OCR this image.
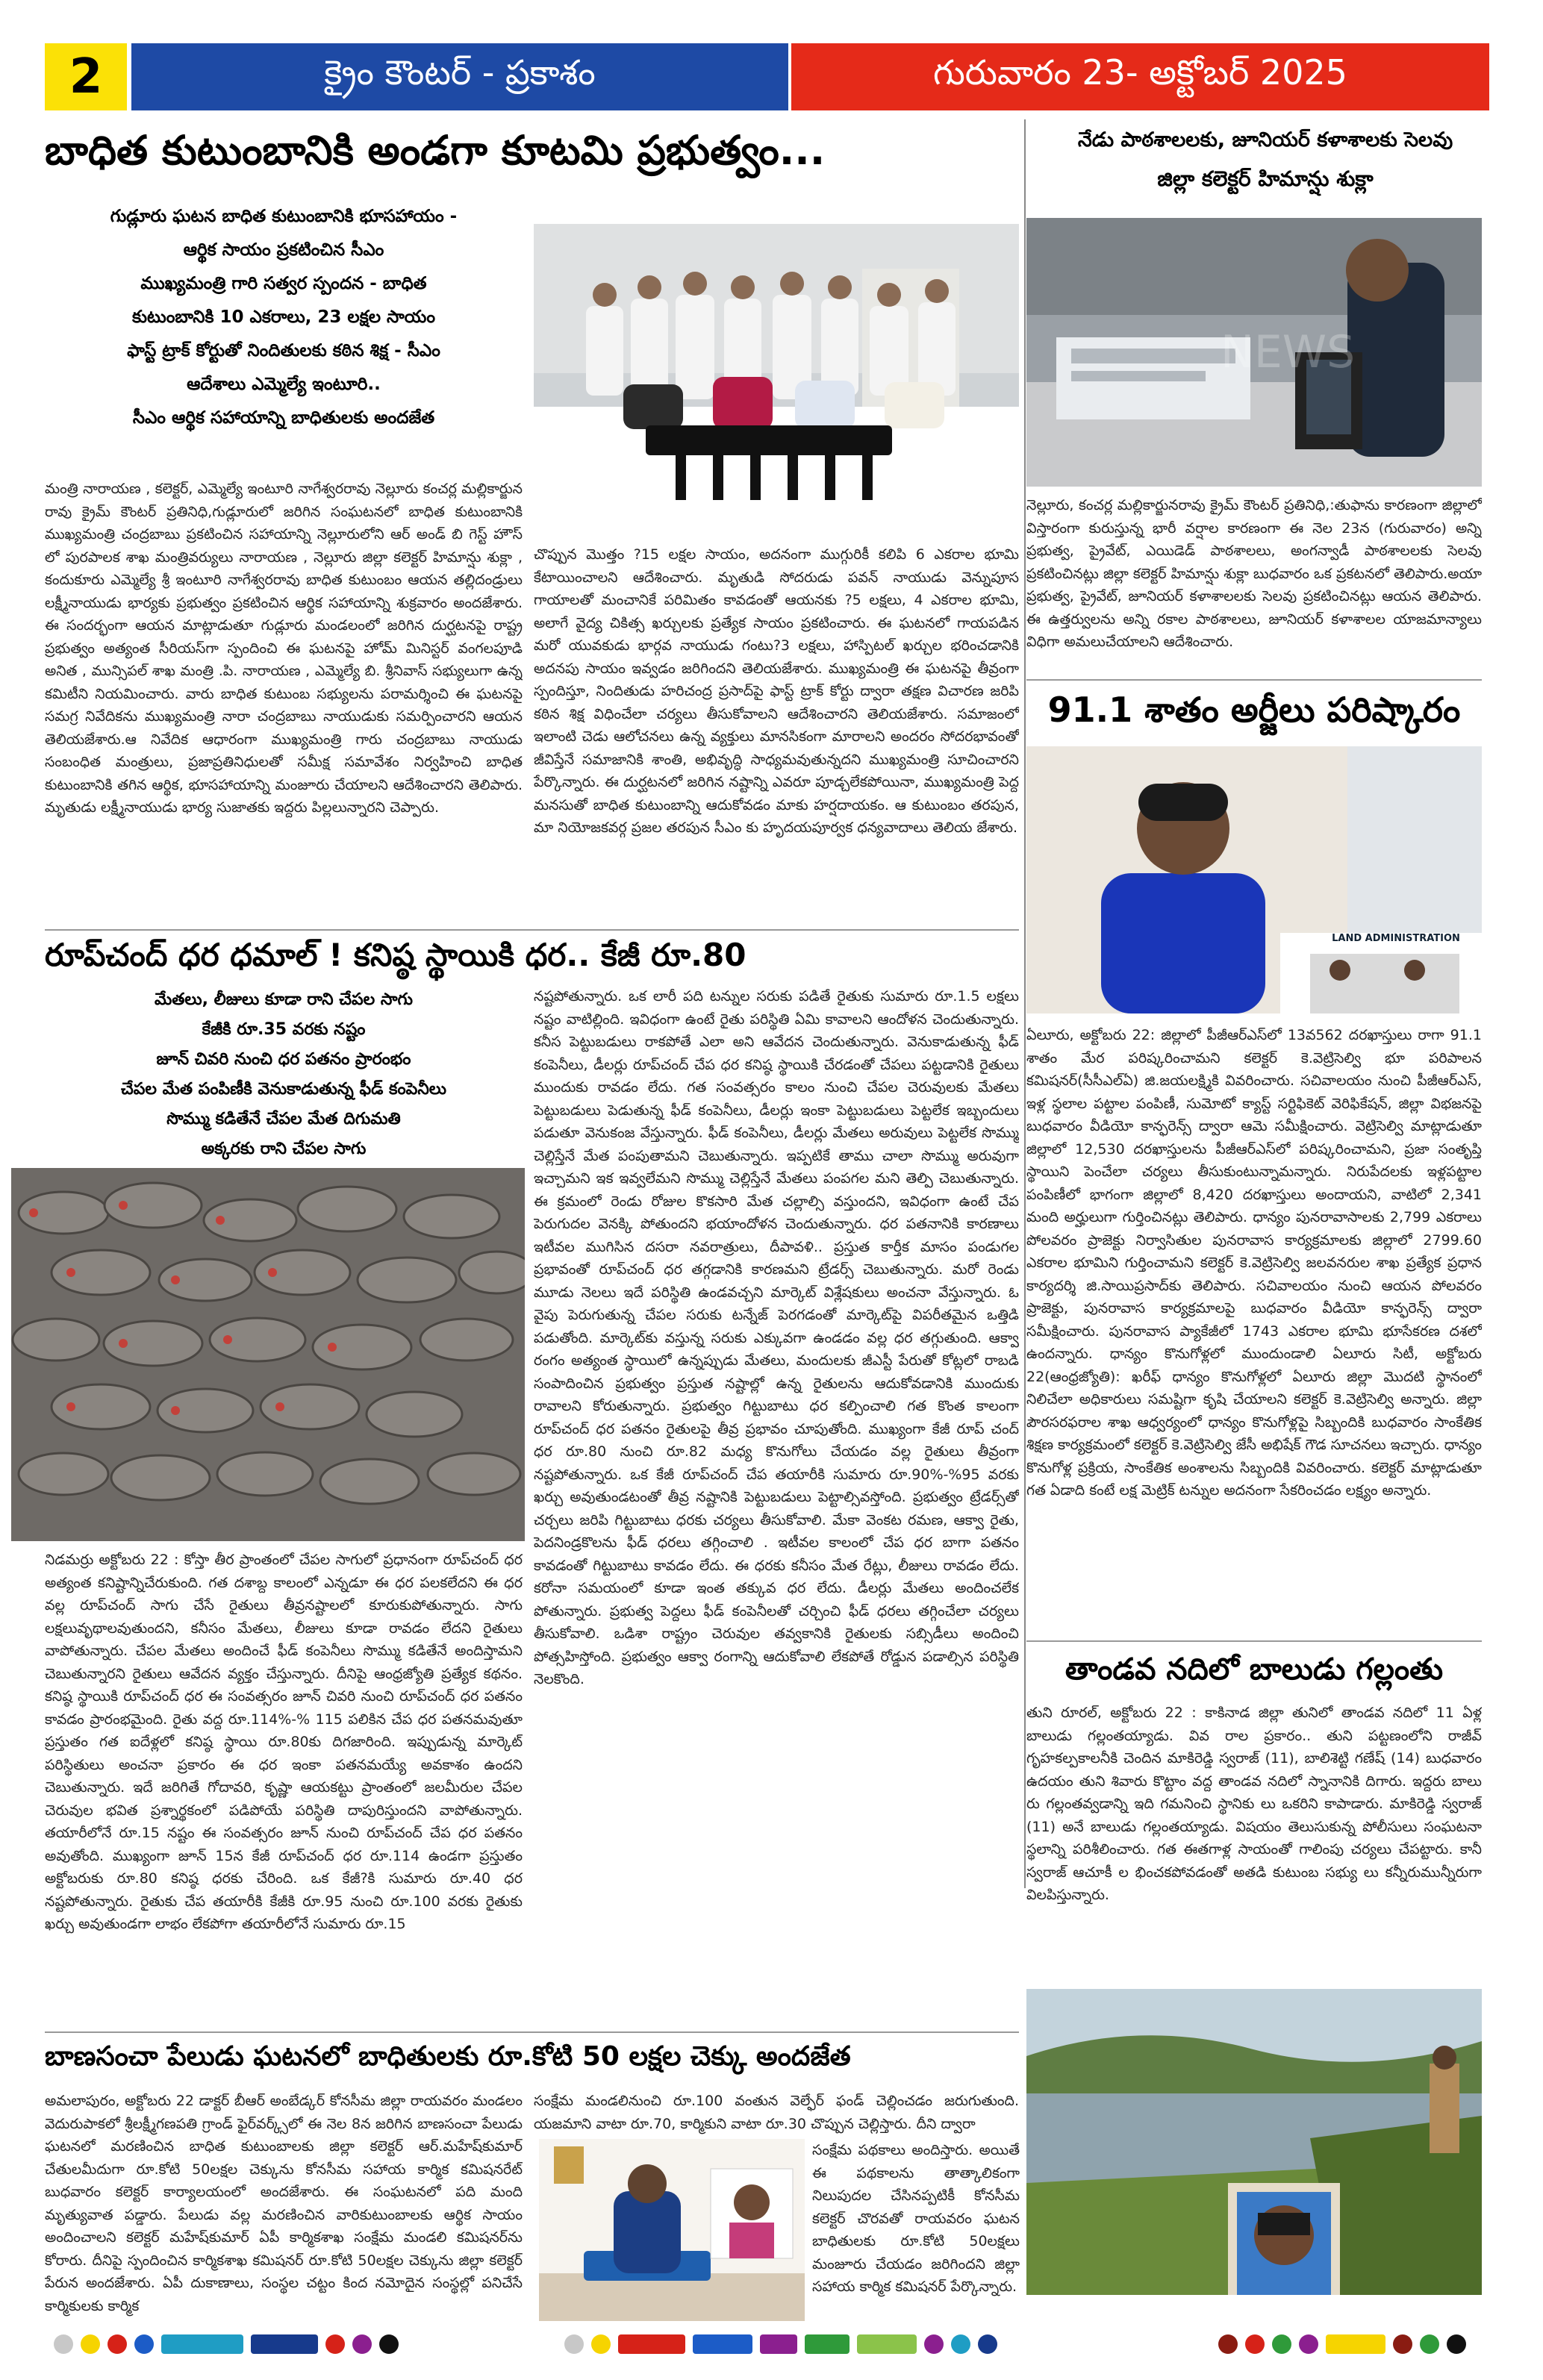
2	క్రైం కౌంటర్ - ప్రకాశం	గురువారం 23- అక్టోబర్ 2025
బాధిత కుటుంబానికి అండగా కూటమి ప్రభుత్వం...
గుడ్లూరు ఘటన బాధిత కుటుంబానికి భూసహాయం -
ఆర్థిక సాయం ప్రకటించిన సీఎం
ముఖ్యమంత్రి గారి సత్వర స్పందన - బాధిత
కుటుంబానికి 10 ఎకరాలు, 23 లక్షల సాయం
ఫాస్ట్ ట్రాక్ కోర్టుతో నిందితులకు కఠిన శిక్ష - సీఎం
ఆదేశాలు ఎమ్మెల్యే ఇంటూరి..
సీఎం ఆర్థిక సహాయాన్ని బాధితులకు అందజేత
మంత్రి నారాయణ , కలెక్టర్, ఎమ్మెల్యే ఇంటూరి నాగేశ్వరరావు నెల్లూరు కంచర్ల మల్లికార్జున రావు క్రైమ్ కౌంటర్ ప్రతినిధి,గుడ్లూరులో జరిగిన సంఘటనలో బాధిత కుటుంబానికి ముఖ్యమంత్రి చంద్రబాబు ప్రకటించిన సహాయాన్ని నెల్లూరులోని ఆర్ అండ్ బి గెస్ట్ హౌస్ లో పురపాలక శాఖ మంత్రివర్యులు నారాయణ , నెల్లూరు జిల్లా కలెక్టర్ హిమాన్షు శుక్లా , కందుకూరు ఎమ్మెల్యే శ్రీ ఇంటూరి నాగేశ్వరరావు బాధిత కుటుంబం ఆయన తల్లిదండ్రులు లక్ష్మీనాయుడు భార్యకు ప్రభుత్వం ప్రకటించిన ఆర్థిక సహాయాన్ని శుక్రవారం అందజేశారు. ఈ సందర్భంగా ఆయన మాట్లాడుతూ గుడ్లూరు మండలంలో జరిగిన దుర్ఘటనపై రాష్ట్ర ప్రభుత్వం అత్యంత సీరియస్‌గా స్పందించి ఈ ఘటనపై హోమ్ మినిస్టర్ వంగలపూడి అనిత , మున్సిపల్ శాఖ మంత్రి .పి. నారాయణ , ఎమ్మెల్యే బి. శ్రీనివాస్ సభ్యులుగా ఉన్న కమిటీని నియమించారు. వారు బాధిత కుటుంబ సభ్యులను పరామర్శించి ఈ ఘటనపై సమగ్ర నివేదికను ముఖ్యమంత్రి నారా చంద్రబాబు నాయుడుకు సమర్పించారని ఆయన తెలియజేశారు.ఆ నివేదిక ఆధారంగా ముఖ్యమంత్రి గారు చంద్రబాబు నాయుడు సంబంధిత మంత్రులు, ప్రజాప్రతినిధులతో సమీక్ష సమావేశం నిర్వహించి బాధిత కుటుంబానికి తగిన ఆర్థిక, భూసహాయాన్ని మంజూరు చేయాలని ఆదేశించారని తెలిపారు. మృతుడు లక్ష్మీనాయుడు భార్య సుజాతకు ఇద్దరు పిల్లలున్నారని చెప్పారు.
చొప్పున మొత్తం ?15 లక్షల సాయం, అదనంగా ముగ్గురికీ కలిపి 6 ఎకరాల భూమి కేటాయించాలని ఆదేశించారు. మృతుడి సోదరుడు పవన్ నాయుడు వెన్నుపూస గాయాలతో మంచానికే పరిమితం కావడంతో ఆయనకు ?5 లక్షలు, 4 ఎకరాల భూమి, అలాగే వైద్య చికిత్స ఖర్చులకు ప్రత్యేక సాయం ప్రకటించారు. ఈ ఘటనలో గాయపడిన మరో యువకుడు భార్గవ నాయుడు గంటు?3 లక్షలు, హాస్పిటల్ ఖర్చుల భరించడానికి అదనపు సాయం ఇవ్వడం జరిగిందని తెలియజేశారు. ముఖ్యమంత్రి ఈ ఘటనపై తీవ్రంగా స్పందిస్తూ, నిందితుడు హరిచంద్ర ప్రసాద్‌పై ఫాస్ట్ ట్రాక్ కోర్టు ద్వారా తక్షణ విచారణ జరిపి కఠిన శిక్ష విధించేలా చర్యలు తీసుకోవాలని ఆదేశించారని తెలియజేశారు. సమాజంలో ఇలాంటి చెడు ఆలోచనలు ఉన్న వ్యక్తులు మానసికంగా మారాలని అందరం సోదరభావంతో జీవిస్తేనే సమాజానికి శాంతి, అభివృద్ధి సాధ్యమవుతున్నదని ముఖ్యమంత్రి సూచించారని పేర్కొన్నారు. ఈ దుర్ఘటనలో జరిగిన నష్టాన్ని ఎవరూ పూడ్చలేకపోయినా, ముఖ్యమంత్రి పెద్ద మనసుతో బాధిత కుటుంబాన్ని ఆదుకోవడం మాకు హర్షదాయకం. ఆ కుటుంబం తరపున, మా నియోజకవర్గ ప్రజల తరపున సీఎం కు హృదయపూర్వక ధన్యవాదాలు తెలియ జేశారు.
నేడు పాఠశాలలకు, జూనియర్ కళాశాలకు సెలవు
జిల్లా కలెక్టర్ హిమాన్షు శుక్లా
NEWS
నెల్లూరు, కంచర్ల మల్లికార్జునరావు క్రైమ్ కౌంటర్ ప్రతినిధి,:తుఫాను కారణంగా జిల్లాలో విస్తారంగా కురుస్తున్న భారీ వర్షాల కారణంగా ఈ నెల 23న (గురువారం) అన్ని ప్రభుత్వ, ప్రైవేట్, ఎయిడెడ్ పాఠశాలలు, అంగన్వాడీ పాఠశాలలకు సెలవు ప్రకటించినట్లు జిల్లా కలెక్టర్ హిమాన్షు శుక్లా బుధవారం ఒక ప్రకటనలో తెలిపారు.అయా ప్రభుత్వ, ప్రైవేట్, జూనియర్ కళాశాలలకు సెలవు ప్రకటించినట్లు ఆయన తెలిపారు. ఈ ఉత్తర్వులను అన్ని రకాల పాఠశాలలు, జూనియర్ కళాశాలల యాజమాన్యాలు విధిగా అమలుచేయాలని ఆదేశించారు.
91.1 శాతం అర్జీలు పరిష్కారం
LAND ADMINISTRATION
ఏలూరు, అక్టోబరు 22: జిల్లాలో పీజీఆర్ఎస్‌లో 13వ562 దరఖాస్తులు రాగా 91.1 శాతం మేర పరిష్కరించామని కలెక్టర్ కె.వెట్రిసెల్వి భూ పరిపాలన కమిషనర్(సీసీఎల్ఏ) జి.జయలక్ష్మికి వివరించారు. సచివాలయం నుంచి పీజీఆర్ఎస్, ఇళ్ల స్థలాల పట్టాల పంపిణీ, సుమోటో క్యాస్ట్ సర్టిఫికెట్ వెరిఫికేషన్, జిల్లా విభజనపై బుధవారం వీడియో కాన్ఫరెన్స్ ద్వారా ఆమె సమీక్షించారు. వెట్రిసెల్వి మాట్లాడుతూ జిల్లాలో 12,530 దరఖాస్తులను పీజీఆర్ఎస్‌లో పరిష్కరించామని, ప్రజా సంతృప్తి స్థాయిని పెంచేలా చర్యలు తీసుకుంటున్నామన్నారు. నిరుపేదలకు ఇళ్లపట్టాల పంపిణీలో భాగంగా జిల్లాలో 8,420 దరఖాస్తులు అందాయని, వాటిలో 2,341 మంది అర్హులుగా గుర్తించినట్లు తెలిపారు. ధాన్యం పునరావాసాలకు 2,799 ఎకరాలు పోలవరం ప్రాజెక్టు నిర్వాసితుల పునరావాస కార్యక్రమాలకు జిల్లాలో 2799.60 ఎకరాల భూమిని గుర్తించామని కలెక్టర్ కె.వెట్రిసెల్వి జలవనరుల శాఖ ప్రత్యేక ప్రధాన కార్యదర్శి జి.సాయిప్రసాద్‌కు తెలిపారు. సచివాలయం నుంచి ఆయన పోలవరం ప్రాజెక్టు, పునరావాస కార్యక్రమాలపై బుధవారం వీడియో కాన్ఫరెన్స్ ద్వారా సమీక్షించారు. పునరావాస ప్యాకేజీలో 1743 ఎకరాల భూమి భూసేకరణ దశలో ఉందన్నారు. ధాన్యం కొనుగోళ్లలో ముందుండాలి ఏలూరు సిటీ, అక్టోబరు 22(ఆంధ్రజ్యోతి): ఖరీఫ్ ధాన్యం కొనుగోళ్లలో ఏలూరు జిల్లా మొదటి స్థానంలో నిలిచేలా అధికారులు సమష్టిగా కృషి చేయాలని కలెక్టర్ కె.వెట్రిసెల్వి అన్నారు. జిల్లా పౌరసరఫరాల శాఖ ఆధ్వర్యంలో ధాన్యం కొనుగోళ్లపై సిబ్బందికి బుధవారం సాంకేతిక శిక్షణ కార్యక్రమంలో కలెక్టర్ కె.వెట్రిసెల్వి జేసీ అభిషేక్ గౌడ సూచనలు ఇచ్చారు. ధాన్యం కొనుగోళ్ల ప్రక్రియ, సాంకేతిక అంశాలను సిబ్బందికి వివరించారు. కలెక్టర్ మాట్లాడుతూ గత ఏడాది కంటే లక్ష మెట్రిక్ టన్నుల అదనంగా సేకరించడం లక్ష్యం అన్నారు.
తాండవ నదిలో బాలుడు గల్లంతు
తుని రూరల్, అక్టోబరు 22 : కాకినాడ జిల్లా తునిలో తాండవ నదిలో 11 ఏళ్ల బాలుడు గల్లంతయ్యాడు. వివ రాల ప్రకారం.. తుని పట్టణంలోని రాజీవ్ గృహకల్పకాలనీకి చెందిన మాకిరెడ్డి స్వరాజ్ (11), బాలిశెట్టి గణేష్ (14) బుధవారం ఉదయం తుని శివారు కొట్టాం వద్ద తాండవ నదిలో స్నానానికి దిగారు. ఇద్దరు బాలు రు గల్లంతవ్వడాన్ని ఇది గమనించి స్థానికు లు ఒకరిని కాపాడారు. మాకిరెడ్డి స్వరాజ్ (11) అనే బాలుడు గల్లంతయ్యాడు. విషయం తెలుసుకున్న పోలీసులు సంఘటనా స్థలాన్ని పరిశీలించారు. గత ఈతగాళ్ల సాయంతో గాలింపు చర్యలు చేపట్టారు. కానీ స్వరాజ్ ఆచూకీ ల భించకపోవడంతో అతడి కుటుంబ సభ్యు లు కన్నీరుమున్నీరుగా విలపిస్తున్నారు.
రూప్‌చంద్ ధర ధమాల్ ! కనిష్ఠ స్థాయికి ధర.. కేజీ రూ.80
మేతలు, లీజులు కూడా రాని చేపల సాగు
కేజీకి రూ.35 వరకు నష్టం
జూన్ చివరి నుంచి ధర పతనం ప్రారంభం
చేపల మేత పంపిణీకి వెనుకాడుతున్న ఫీడ్ కంపెనీలు
సొమ్ము కడితేనే చేపల మేత దిగుమతి
అక్కరకు రాని చేపల సాగు
నిడమర్రు అక్టోబరు 22 : కోస్తా తీర ప్రాంతంలో చేపల సాగులో ప్రధానంగా రూప్‌చంద్ ధర అత్యంత కనిష్టాన్నిచేరుకుంది. గత దశాబ్ద కాలంలో ఎన్నడూ ఈ ధర పలకలేదని ఈ ధర వల్ల రూప్‌చంద్ సాగు చేసే రైతులు తీవ్రనష్టాలలో కూరుకుపోతున్నారు. సాగు లక్షలువృథాలవుతుందని, కనీసం మేతలు, లీజులు కూడా రావడం లేదని రైతులు వాపోతున్నారు. చేపల మేతలు అందించే ఫీడ్ కంపెనీలు సొమ్ము కడితేనే అందిస్తామని చెబుతున్నారని రైతులు ఆవేదన వ్యక్తం చేస్తున్నారు. దీనిపై ఆంధ్రజ్యోతి ప్రత్యేక కథనం. కనిష్ఠ స్థాయికి రూప్‌చంద్ ధర ఈ సంవత్సరం జూన్ చివరి నుంచి రూప్‌చంద్ ధర పతనం కావడం ప్రారంభమైంది. రైతు వద్ద రూ.114%-% 115 పలికిన చేప ధర పతనమవుతూ ప్రస్తుతం గత ఐదేళ్లలో కనిష్ఠ స్థాయి రూ.80కు దిగజారింది. ఇప్పుడున్న మార్కెట్ పరిస్థితులు అంచనా ప్రకారం ఈ ధర ఇంకా పతనమయ్యే అవకాశం ఉందని చెబుతున్నారు. ఇదే జరిగితే గోదావరి, కృష్ణా ఆయకట్టు ప్రాంతంలో జలమీరుల చేపల చెరువుల భవిత ప్రశ్నార్థకంలో పడిపోయే పరిస్థితి దాపురిస్తుందని వాపోతున్నారు. తయారీలోనే రూ.15 నష్టం ఈ సంవత్సరం జూన్ నుంచి రూప్‌చంద్ చేప ధర పతనం అవుతోంది. ముఖ్యంగా జూన్ 15న కేజీ రూప్‌చంద్ ధర రూ.114 ఉండగా ప్రస్తుతం అక్టోబరుకు రూ.80 కనిష్ఠ ధరకు చేరింది. ఒక కేజీ?కి సుమారు రూ.40 ధర నష్టపోతున్నారు. రైతుకు చేప తయారీకి కేజీకి రూ.95 నుంచి రూ.100 వరకు రైతుకు ఖర్చు అవుతుండగా లాభం లేకపోగా తయారీలోనే సుమారు రూ.15
నష్టపోతున్నారు. ఒక లారీ పది టన్నుల సరుకు పడితే రైతుకు సుమారు రూ.1.5 లక్షలు నష్టం వాటిల్లింది. ఇవిధంగా ఉంటే రైతు పరిస్థితి ఏమి కావాలని ఆందోళన చెందుతున్నారు. కనీస పెట్టుబడులు రాకపోతే ఎలా అని ఆవేదన చెందుతున్నారు. వెనుకాడుతున్న ఫీడ్ కంపెనీలు, డీలర్లు రూప్‌చంద్ చేప ధర కనిష్ఠ స్థాయికి చేరడంతో చేపలు పట్టడానికి రైతులు ముందుకు రావడం లేదు. గత సంవత్సరం కాలం నుంచి చేపల చెరువులకు మేతలు పెట్టుబడులు పెడుతున్న ఫీడ్ కంపెనీలు, డీలర్లు ఇంకా పెట్టుబడులు పెట్టలేక ఇబ్బందులు పడుతూ వెనుకంజ వేస్తున్నారు. ఫీడ్ కంపెనీలు, డీలర్లు మేతలు అరువులు పెట్టలేక సొమ్ము చెల్లిస్తేనే మేత పంపుతామని చెబుతున్నారు. ఇప్పటికే తాము చాలా సొమ్ము అరువుగా ఇచ్చామని ఇక ఇవ్వలేమని సొమ్ము చెల్లిస్తేనే మేతలు పంపగల మని తెల్పి చెబుతున్నారు. ఈ క్రమంలో రెండు రోజుల కొకసారి మేత చల్లాల్సి వస్తుందని, ఇవిధంగా ఉంటే చేప పెరుగుదల వెనక్కి పోతుందని భయాందోళన చెందుతున్నారు. ధర పతనానికి కారణాలు ఇటీవల ముగిసిన దసరా నవరాత్రులు, దీపావళి.. ప్రస్తుత కార్తీక మాసం పండుగల ప్రభావంతో రూప్‌చంద్ ధర తగ్గడానికి కారణమని ట్రేడర్స్ చెబుతున్నారు. మరో రెండు మూడు నెలలు ఇదే పరిస్థితి ఉండవచ్చని మార్కెట్ విశ్లేషకులు అంచనా వేస్తున్నారు. ఓ వైపు పెరుగుతున్న చేపల సరుకు టన్నేజ్ పెరగడంతో మార్కెట్‌పై విపరీతమైన ఒత్తిడి పడుతోంది. మార్కెట్‌కు వస్తున్న సరుకు ఎక్కువగా ఉండడం వల్ల ధర తగ్గుతుంది. ఆక్వా రంగం అత్యంత స్థాయిలో ఉన్నప్పుడు మేతలు, మందులకు జీఎస్టీ పేరుతో కోట్లలో రాబడి సంపాదించిన ప్రభుత్వం ప్రస్తుత నష్టాల్లో ఉన్న రైతులను ఆదుకోవడానికి ముందుకు రావాలని కోరుతున్నారు. ప్రభుత్వం గిట్టుబాటు ధర కల్పించాలి గత కొంత కాలంగా రూప్‌చంద్ ధర పతనం రైతులపై తీవ్ర ప్రభావం చూపుతోంది. ముఖ్యంగా కేజీ రూప్ చంద్ ధర రూ.80 నుంచి రూ.82 మధ్య కొనుగోలు చేయడం వల్ల రైతులు తీవ్రంగా నష్టపోతున్నారు. ఒక కేజీ రూప్‌చంద్ చేప తయారీకి సుమారు రూ.90%-%95 వరకు ఖర్చు అవుతుండటంతో తీవ్ర నష్టానికి పెట్టుబడులు పెట్టాల్సివస్తోంది. ప్రభుత్వం ట్రేడర్స్‌తో చర్చలు జరిపి గిట్టుబాటు ధరకు చర్యలు తీసుకోవాలి. మేకా వెంకట రమణ, ఆక్వా రైతు, పెదనిండ్రకొలను ఫీడ్ ధరలు తగ్గించాలి . ఇటీవల కాలంలో చేప ధర బాగా పతనం కావడంతో గిట్టుబాటు కావడం లేదు. ఈ ధరకు కనీసం మేత రేట్లు, లీజులు రావడం లేదు. కరోనా సమయంలో కూడా ఇంత తక్కువ ధర లేదు. డీలర్లు మేతలు అందించలేక పోతున్నారు. ప్రభుత్వ పెద్దలు ఫీడ్ కంపెనీలతో చర్చించి ఫీడ్ ధరలు తగ్గించేలా చర్యలు తీసుకోవాలి. ఒడిశా రాష్ట్రం చెరువుల తవ్వకానికి రైతులకు సబ్సిడీలు అందించి పోత్సహిస్తోంది. ప్రభుత్వం ఆక్వా రంగాన్ని ఆదుకోవాలి లేకపోతే రోడ్డున పడాల్సిన పరిస్థితి నెలకొంది.
బాణసంచా పేలుడు ఘటనలో బాధితులకు రూ.కోటి 50 లక్షల చెక్కు అందజేత
అమలాపురం, అక్టోబరు 22 డాక్టర్ బీఆర్ అంబేడ్కర్ కోనసీమ జిల్లా రాయవరం మండలం వెదురుపాకలో శ్రీలక్ష్మీగణపతి గ్రాండ్ ఫైర్‌వర్క్స్‌లో ఈ నెల 8న జరిగిన బాణసంచా పేలుడు ఘటనలో మరణించిన బాధిత కుటుంబాలకు జిల్లా కలెక్టర్ ఆర్.మహేష్‌కుమార్ చేతులమీదుగా రూ.కోటి 50లక్షల చెక్కును కోనసీమ సహాయ కార్మిక కమిషనరేట్ బుధవారం కలెక్టర్ కార్యాలయంలో అందజేశారు. ఈ సంఘటనలో పది మంది మృత్యువాత పడ్డారు. పేలుడు వల్ల మరణించిన వారికుటుంబాలకు ఆర్థిక సాయం అందించాలని కలెక్టర్ మహేష్‌కుమార్ ఏపీ కార్మికశాఖ సంక్షేమ మండలి కమిషనర్‌ను కోరారు. దీనిపై స్పందించిన కార్మికశాఖ కమిషనర్ రూ.కోటి 50లక్షల చెక్కును జిల్లా కలెక్టర్ పేరున అందజేశారు. ఏపీ దుకాణాలు, సంస్థల చట్టం కింద నమోదైన సంస్థల్లో పనిచేసే కార్మికులకు కార్మిక
సంక్షేమ మండలినుంచి రూ.100 వంతున వెల్ఫేర్ ఫండ్ చెల్లించడం జరుగుతుంది. యజమాని వాటా రూ.70, కార్మికుని వాటా రూ.30 చొప్పున చెల్లిస్తారు. దీని ద్వారా
సంక్షేమ పథకాలు అందిస్తారు. అయితే ఈ పథకాలను తాత్కాలికంగా నిలుపుదల చేసినప్పటికీ కోనసీమ కలెక్టర్ చొరవతో రాయవరం ఘటన బాధితులకు రూ.కోటి 50లక్షలు మంజూరు చేయడం జరిగిందని జిల్లా సహాయ కార్మిక కమిషనర్ పేర్కొన్నారు.
